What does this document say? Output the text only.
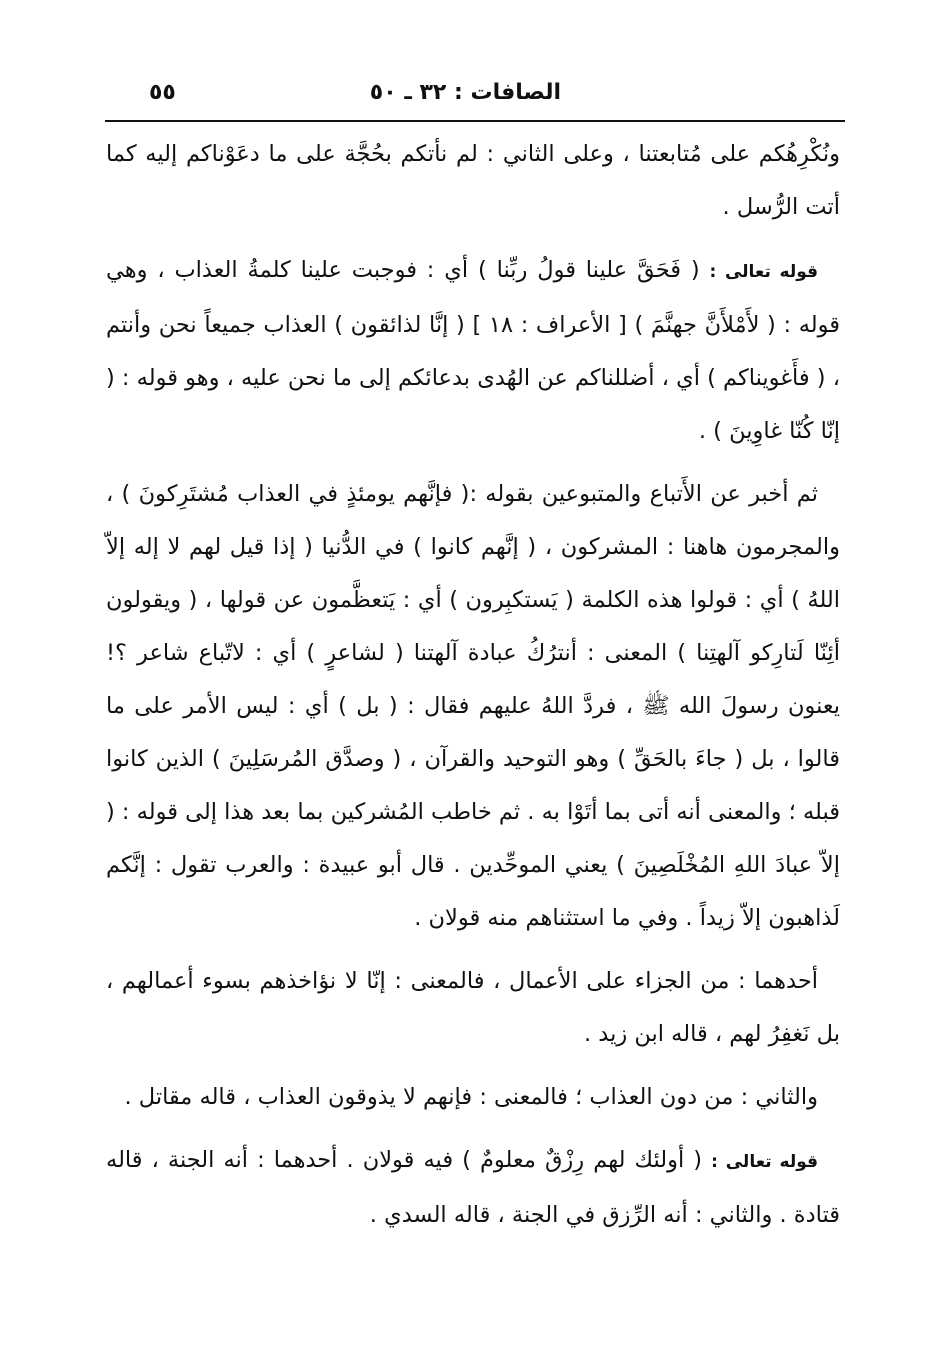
٥٥	الصافات : ٣٢ ـ ٥٠

ونُكْرِهُكم على مُتابعتنا ، وعلى الثاني : لم نأتكم بحُجَّة على ما دعَوْناكم إليه كما أتت الرُّسل .

قوله تعالى : ( فَحَقَّ علينا قولُ ربِّنا ) أي : فوجبت علينا كلمةُ العذاب ، وهي قوله : ( لأَمْلأَنَّ جهنَّمَ ) [ الأعراف : ١٨ ] ( إنَّا لذائقون ) العذاب جميعاً نحن وأنتم ، ( فأَغويناكم ) أي ، أضللناكم عن الهُدى بدعائكم إلى ما نحن عليه ، وهو قوله : ( إنّا كُنّا غاوِينَ ) .

ثم أخبر عن الأَتباع والمتبوعين بقوله :( فإنَّهم يومئذٍ في العذاب مُشتَرِكونَ ) ، والمجرمون هاهنا : المشركون ، ( إنَّهم كانوا ) في الدُّنيا ( إذا قيل لهم لا إله إلاّ اللهُ ) أي : قولوا هذه الكلمة ( يَستكبِرون ) أي : يَتعظَّمون عن قولها ، ( ويقولون أئِنّا لَتارِكو آلهتِنا ) المعنى : أنترُكُ عبادة آلهتنا ( لشاعرٍ ) أي : لاتّباع شاعر ؟! يعنون رسولَ الله ﷺ ، فردَّ اللهُ عليهم فقال : ( بل ) أي : ليس الأمر على ما قالوا ، بل ( جاءَ بالحَقِّ ) وهو التوحيد والقرآن ، ( وصدَّق المُرسَلِينَ ) الذين كانوا قبله ؛ والمعنى أنه أتى بما أتَوْا به . ثم خاطب المُشركين بما بعد هذا إلى قوله : ( إلاّ عبادَ اللهِ المُخْلَصِينَ ) يعني الموحِّدين . قال أبو عبيدة : والعرب تقول : إنَّكم لَذاهبون إلاّ زيداً . وفي ما استثناهم منه قولان .

أحدهما : من الجزاء على الأعمال ، فالمعنى : إنّا لا نؤاخذهم بسوء أعمالهم ، بل نَغفِرُ لهم ، قاله ابن زيد .

والثاني : من دون العذاب ؛ فالمعنى : فإنهم لا يذوقون العذاب ، قاله مقاتل .

قوله تعالى : ( أولئك لهم رِزْقٌ معلومٌ ) فيه قولان . أحدهما : أنه الجنة ، قاله قتادة . والثاني : أنه الرِّزق في الجنة ، قاله السدي .
